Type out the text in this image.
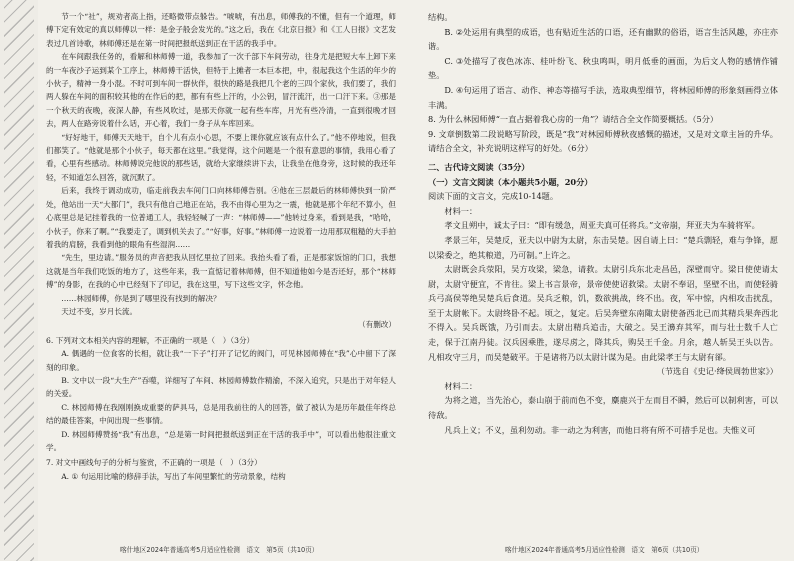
节一个“社”，规劝者高上指，还略微带点躲告。“唬唬，有出息，师傅我的不懂，但有一个道理，师傅下定有效定的真以师傅以一样：是金子般会发光的。”这之后，我在《北京日报》和《工人日报》文艺发表过几首诗歌，林师傅还是在第一时间把报纸送到正在干活的我手中。

在车间跟我任务的，看解和林师傅一道，我参加了一次千部下车间劳动，往身尤是把短大车上卸下来的一车夜沙子运到某个工序上，林师傅干活快，但特于上摊者一本巨本把，中，很起我这个生活的年少的小伙子，精神一身小混。不时可到车间一群伙伴，很快的路是我把几个老的三四个家伙，我们要了，我们两人躲在车间的面积较其他的在作后的把，都有有些上汗的，小公钥，冒汗流汗，出一口汗下来。③那是一个秋天的夜晚，夜深人静，有些风吹过，是那天你就一起有些车库，月光有些冷清，一直到很晚才回去，两人在路旁说着什么话，开心着，我们一身子从车库回来。

“好好地干，师傅天天地干，自个儿有点小心思，不要上课你就应该有点什么了。”他不停地说，但我们都笑了。“他就是那个小伙子，每天都在这里。”我觉得，这个问题是一个很有意思的事情，我用心看了看，心里有些感动。林师傅说完他说的那些话，就给大家继续讲下去，让我坐在他身旁，这时候的我还年轻，不知道怎么回答，就沉默了。

后来，我终于调动成功，临走前我去车间门口向林师傅告别。④他在三层最后的林师傅快到一阶严处，他站出一天“大都门”，我只有他自己地正在站，我不由得心里为之一震，他就是那个年纪不算小，但心底里总是记挂着我的一位普通工人，我轻轻喊了一声：“林师傅——”他转过身来，看到是我，“哈哈，小伙子，你来了啊。”“我要走了，调到机关去了。”“好事，好事。”林师傅一边说着一边用那双粗糙的大手拍着我的肩膀，我看到他的眼角有些湿润……

“先生，里边请。”服务员的声音把我从回忆里拉了回来。我抬头看了看，正是那家饭馆的门口，我想这就是当年我们吃饭的地方了，这些年来，我一直惦记着林师傅，但不知道他如今是否还好，那个“林师傅”的身影，在我的心中已经刻下了印记，我在这里，写下这些文字，怀念他。

……林园师傅，你是到了哪里没有找到的解决？

天过不变，岁月长流。

（有删改）

6. 下列对文本相关内容的理解，不正确的一项是（　）（3分）

A. 偶遇的一位食客的长相，就让我“一下子”打开了记忆的阀门，可见林园师傅在“我”心中留下了深刻的印象。

B. 文中以一段“大生产”吞噬，详细写了车间、林园师傅数作精渝，不深入追究，只是出于对年轻人的关爱。

C. 林园师傅在我刚刚换成重要的萨具马，总是用我前往的人的回答，做了被认为是历年最佳年终总结的最佳答案，中间出现一些事情。

D. 林园师傅赞扬“我”有出息，“总是第一时间把报纸送到正在干活的我手中”，可以看出他很注重文学。

7. 对文中画线句子的分析与鉴赏，不正确的一项是（　）（3分）

A. ① 句运用比喻的修辞手法，写出了车间里繁忙的劳动景象，结构

喀什地区2024年普通高考5月适应性检测　语文　第5页（共10页）

结构。

B. ②处运用有典型的成语，也有贴近生活的口语，还有幽默的俗语，语言生活风趣，亦庄亦谐。

C. ③处描写了夜色冰冻、桂叶纷飞、秋虫鸣叫，明月低垂的画面，为后文人物的感情作铺垫。

D. ④句运用了语言、动作、神态等描写手法，选取典型细节，将林园师傅的形象刻画得立体丰满。

8. 为什么林园师傅“一直占据着我心房的一角”？请结合全文作简要概括。（5分）

9. 文章倒数第二段说略写阶段，既是“我”对林园师傅秋夜感慨的描述，又是对文章主旨的升华。请结合全文，补充说明这样写的好处。（6分）

二、古代诗文阅读（35分）

（一）文言文阅读（本小题共5小题，20分）

阅读下面的文言文，完成10-14题。

材料一：

孝文且朔中，诚太子曰：“即有缓急，周亚夫真可任将兵。”文帝崩，拜亚夫为车骑将军。

孝景三年，吴楚反，亚夫以中尉为太尉，东击吴楚。因自请上曰：“楚兵剽轻，难与争锋，愿以梁委之，绝其粮道，乃可制。”上许之。

太尉既会兵荥阳，吴方攻梁，梁急，请救。太尉引兵东北走昌邑，深壁而守。梁日使使请太尉，太尉守便宜，不肯往。梁上书言景帝，景帝使使诏救梁。太尉不奉诏，坚壁不出，而使轻骑兵弓高侯等绝吴楚兵后食道。吴兵乏粮，饥，数欲挑战，终不出。夜，军中惊，内相攻击扰乱，至于太尉帐下。太尉终卧不起。顷之，复定。后吴奔壁东南陬太尉使备西北已而其精兵果奔西北不得入。吴兵既饿，乃引而去。太尉出精兵追击，大破之。吴王濞弃其军，而与壮士数千人亡走，保于江南丹徒。汉兵因乘胜，遂尽虏之，降其兵，购吴王千金。月余，越人斩吴王头以告。凡相攻守三月，而吴楚破平。于是诸将乃以太尉计谋为是。由此梁孝王与太尉有郤。

（节选自《史记·绛侯周勃世家》）

材料二：

为将之道，当先治心，泰山崩于前而色不变，麋鹿兴于左而目不瞬，然后可以制利害，可以待敌。

凡兵上义；不义，虽利勿动。非一动之为利害，而他日将有所不可措手足也。夫惟义可

喀什地区2024年普通高考5月适应性检测　语文　第6页（共10页）
